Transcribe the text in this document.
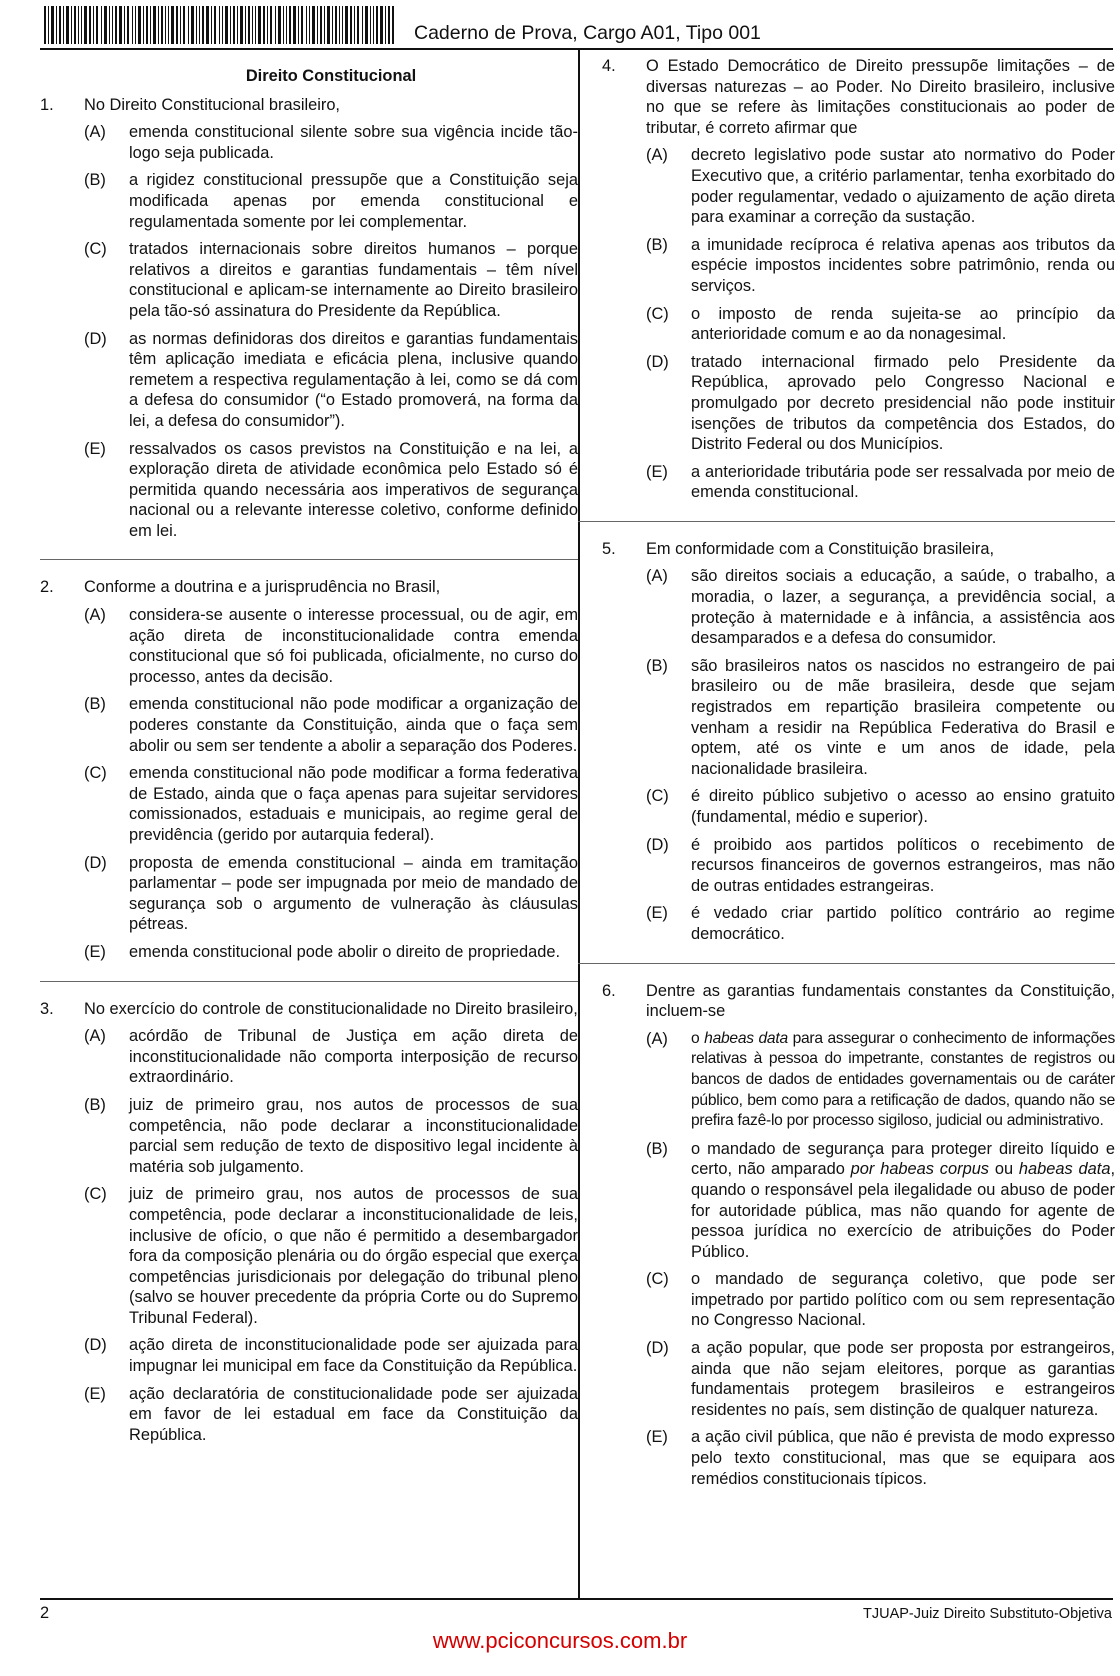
Caderno de Prova, Cargo A01, Tipo 001
Direito Constitucional
1.	No Direito Constitucional brasileiro,
(A)	emenda constitucional silente sobre sua vigência incide tão-logo seja publicada.
(B)	a rigidez constitucional pressupõe que a Constituição seja modificada apenas por emenda constitucional e regulamentada somente por lei complementar.
(C)	tratados internacionais sobre direitos humanos – porque relativos a direitos e garantias fundamentais – têm nível constitucional e aplicam-se internamente ao Direito brasileiro pela tão-só assinatura do Presidente da República.
(D)	as normas definidoras dos direitos e garantias fundamentais têm aplicação imediata e eficácia plena, inclusive quando remetem a respectiva regulamentação à lei, como se dá com a defesa do consumidor (“o Estado promoverá, na forma da lei, a defesa do consumidor”).
(E)	ressalvados os casos previstos na Constituição e na lei, a exploração direta de atividade econômica pelo Estado só é permitida quando necessária aos imperativos de segurança nacional ou a relevante interesse coletivo, conforme definido em lei.
2.	Conforme a doutrina e a jurisprudência no Brasil,
(A)	considera-se ausente o interesse processual, ou de agir, em ação direta de inconstitucionalidade contra emenda constitucional que só foi publicada, oficialmente, no curso do processo, antes da decisão.
(B)	emenda constitucional não pode modificar a organização de poderes constante da Constituição, ainda que o faça sem abolir ou sem ser tendente a abolir a separação dos Poderes.
(C)	emenda constitucional não pode modificar a forma federativa de Estado, ainda que o faça apenas para sujeitar servidores comissionados, estaduais e municipais, ao regime geral de previdência (gerido por autarquia federal).
(D)	proposta de emenda constitucional – ainda em tramitação parlamentar – pode ser impugnada por meio de mandado de segurança sob o argumento de vulneração às cláusulas pétreas.
(E)	emenda constitucional pode abolir o direito de propriedade.
3.	No exercício do controle de constitucionalidade no Direito brasileiro,
(A)	acórdão de Tribunal de Justiça em ação direta de inconstitucionalidade não comporta interposição de recurso extraordinário.
(B)	juiz de primeiro grau, nos autos de processos de sua competência, não pode declarar a inconstitucionalidade parcial sem redução de texto de dispositivo legal incidente à matéria sob julgamento.
(C)	juiz de primeiro grau, nos autos de processos de sua competência, pode declarar a inconstitucionalidade de leis, inclusive de ofício, o que não é permitido a desembargador fora da composição plenária ou do órgão especial que exerça competências jurisdicionais por delegação do tribunal pleno (salvo se houver precedente da própria Corte ou do Supremo Tribunal Federal).
(D)	ação direta de inconstitucionalidade pode ser ajuizada para impugnar lei municipal em face da Constituição da República.
(E)	ação declaratória de constitucionalidade pode ser ajuizada em favor de lei estadual em face da Constituição da República.
4.	O Estado Democrático de Direito pressupõe limitações – de diversas naturezas – ao Poder. No Direito brasileiro, inclusive no que se refere às limitações constitucionais ao poder de tributar, é correto afirmar que
(A)	decreto legislativo pode sustar ato normativo do Poder Executivo que, a critério parlamentar, tenha exorbitado do poder regulamentar, vedado o ajuizamento de ação direta para examinar a correção da sustação.
(B)	a imunidade recíproca é relativa apenas aos tributos da espécie impostos incidentes sobre patrimônio, renda ou serviços.
(C)	o imposto de renda sujeita-se ao princípio da anterioridade comum e ao da nonagesimal.
(D)	tratado internacional firmado pelo Presidente da República, aprovado pelo Congresso Nacional e promulgado por decreto presidencial não pode instituir isenções de tributos da competência dos Estados, do Distrito Federal ou dos Municípios.
(E)	a anterioridade tributária pode ser ressalvada por meio de emenda constitucional.
5.	Em conformidade com a Constituição brasileira,
(A)	são direitos sociais a educação, a saúde, o trabalho, a moradia, o lazer, a segurança, a previdência social, a proteção à maternidade e à infância, a assistência aos desamparados e a defesa do consumidor.
(B)	são brasileiros natos os nascidos no estrangeiro de pai brasileiro ou de mãe brasileira, desde que sejam registrados em repartição brasileira competente ou venham a residir na República Federativa do Brasil e optem, até os vinte e um anos de idade, pela nacionalidade brasileira.
(C)	é direito público subjetivo o acesso ao ensino gratuito (fundamental, médio e superior).
(D)	é proibido aos partidos políticos o recebimento de recursos financeiros de governos estrangeiros, mas não de outras entidades estrangeiras.
(E)	é vedado criar partido político contrário ao regime democrático.
6.	Dentre as garantias fundamentais constantes da Constituição, incluem-se
(A)	o habeas data para assegurar o conhecimento de informações relativas à pessoa do impetrante, constantes de registros ou bancos de dados de entidades governamentais ou de caráter público, bem como para a retificação de dados, quando não se prefira fazê-lo por processo sigiloso, judicial ou administrativo.
(B)	o mandado de segurança para proteger direito líquido e certo, não amparado por habeas corpus ou habeas data, quando o responsável pela ilegalidade ou abuso de poder for autoridade pública, mas não quando for agente de pessoa jurídica no exercício de atribuições do Poder Público.
(C)	o mandado de segurança coletivo, que pode ser impetrado por partido político com ou sem representação no Congresso Nacional.
(D)	a ação popular, que pode ser proposta por estrangeiros, ainda que não sejam eleitores, porque as garantias fundamentais protegem brasileiros e estrangeiros residentes no país, sem distinção de qualquer natureza.
(E)	a ação civil pública, que não é prevista de modo expresso pelo texto constitucional, mas que se equipara aos remédios constitucionais típicos.
2	TJUAP-Juiz Direito Substituto-Objetiva
www.pciconcursos.com.br
